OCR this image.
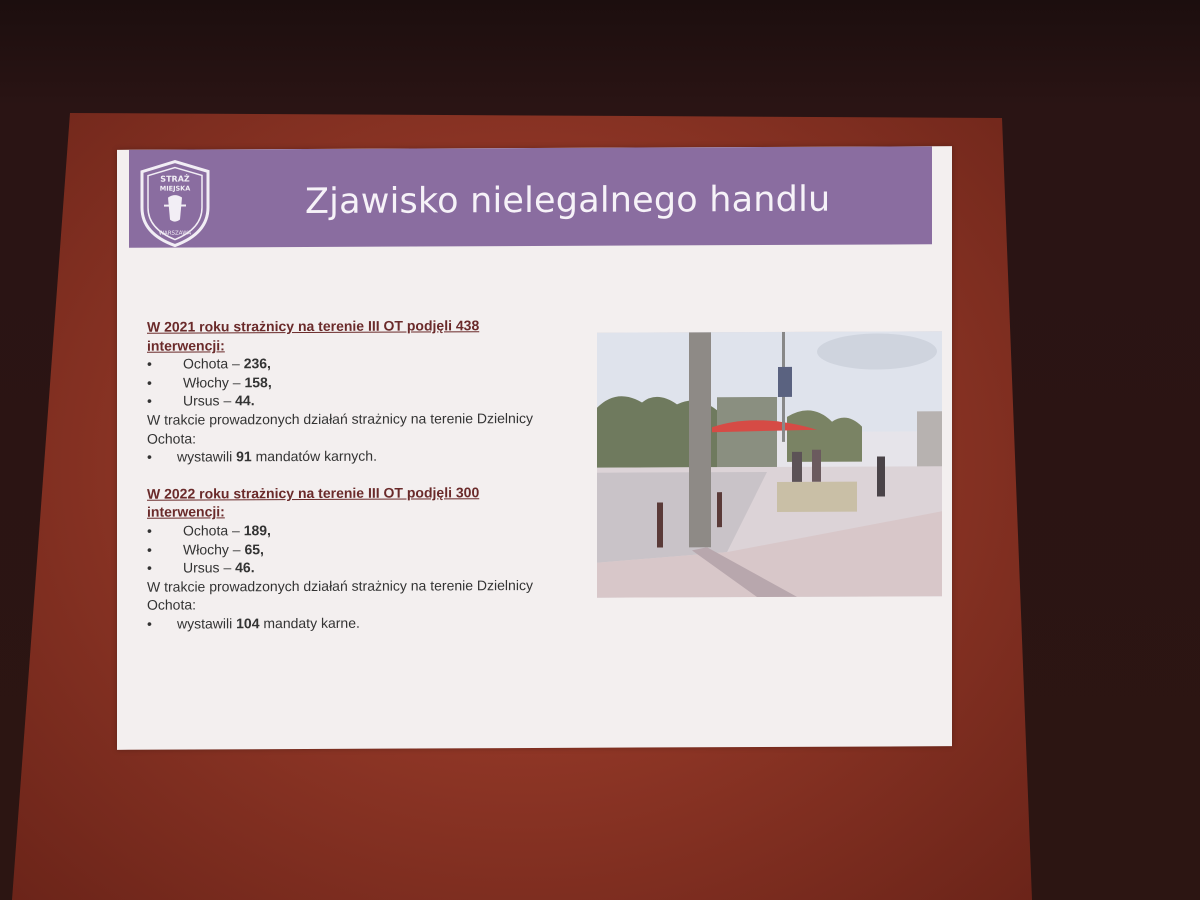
STRAŻ
MIEJSKA
WARSZAWA
Zjawisko nielegalnego handlu
W 2021 roku strażnicy na terenie III OT podjęli 438
interwencji:
•	Ochota – 236,
•	Włochy – 158,
•	Ursus – 44.
W trakcie prowadzonych działań strażnicy na terenie Dzielnicy
Ochota:
•	wystawili 91 mandatów karnych.
W 2022 roku strażnicy na terenie III OT podjęli 300
interwencji:
•	Ochota – 189,
•	Włochy – 65,
•	Ursus – 46.
W trakcie prowadzonych działań strażnicy na terenie Dzielnicy
Ochota:
•	wystawili 104 mandaty karne.
